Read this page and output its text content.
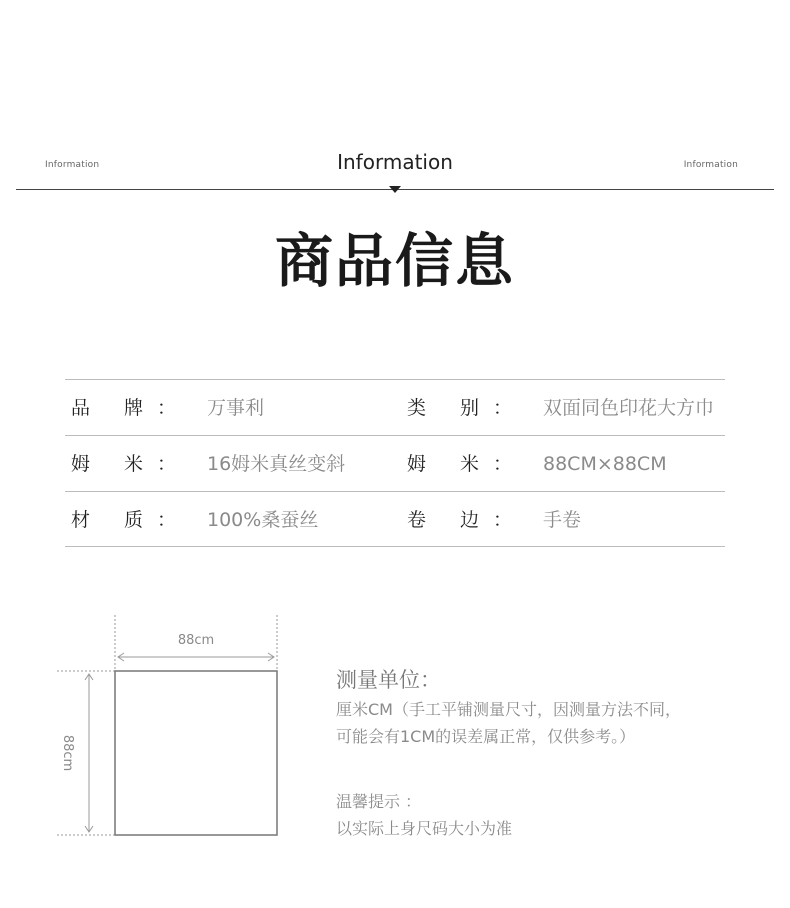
Information	Information	Information
商品信息
品 牌： 万事利	类 别： 双面同色印花大方巾
姆 米： 16姆米真丝变斜	姆 米： 88CM×88CM
材 质： 100%桑蚕丝	卷 边： 手卷
88cm
88cm
测量单位：
厘米CM（手工平铺测量尺寸，因测量方法不同，
可能会有1CM的误差属正常，仅供参考。）
温馨提示 ：
以实际上身尺码大小为准
